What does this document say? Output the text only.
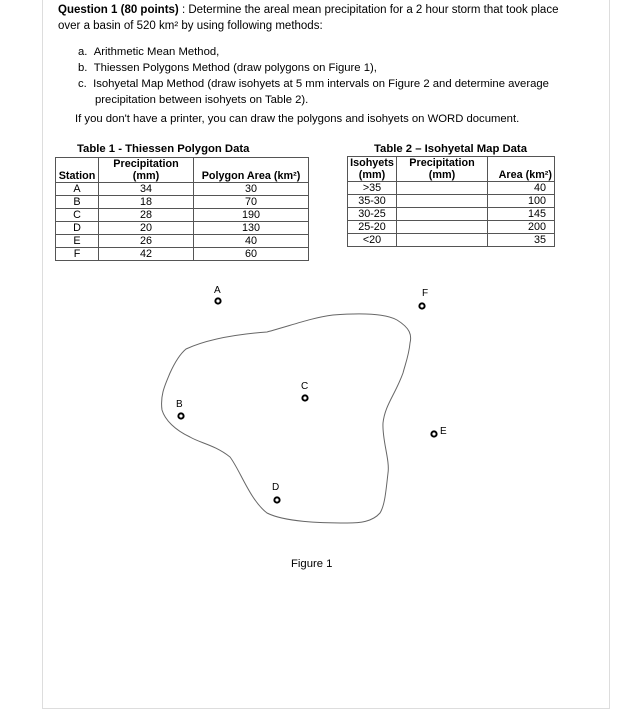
Question 1 (80 points) : Determine the areal mean precipitation for a 2 hour storm that took place over a basin of 520 km² by using following methods:
a.  Arithmetic Mean Method,
b.  Thiessen Polygons Method (draw polygons on Figure 1),
c.  Isohyetal Map Method (draw isohyets at 5 mm intervals on Figure 2 and determine average precipitation between isohyets on Table 2).
If you don't have a printer, you can draw the polygons and isohyets on WORD document.
Table 1 - Thiessen Polygon Data
Station	Precipitation (mm)	Polygon Area (km²)
A	34	30
B	18	70
C	28	190
D	20	130
E	26	40
F	42	60
Table 2 – Isohyetal Map Data
Isohyets (mm)	Precipitation (mm)	Area (km²)
>35		40
35-30		100
30-25		145
25-20		200
<20		35
A
B
C
D
E
F
Figure 1
